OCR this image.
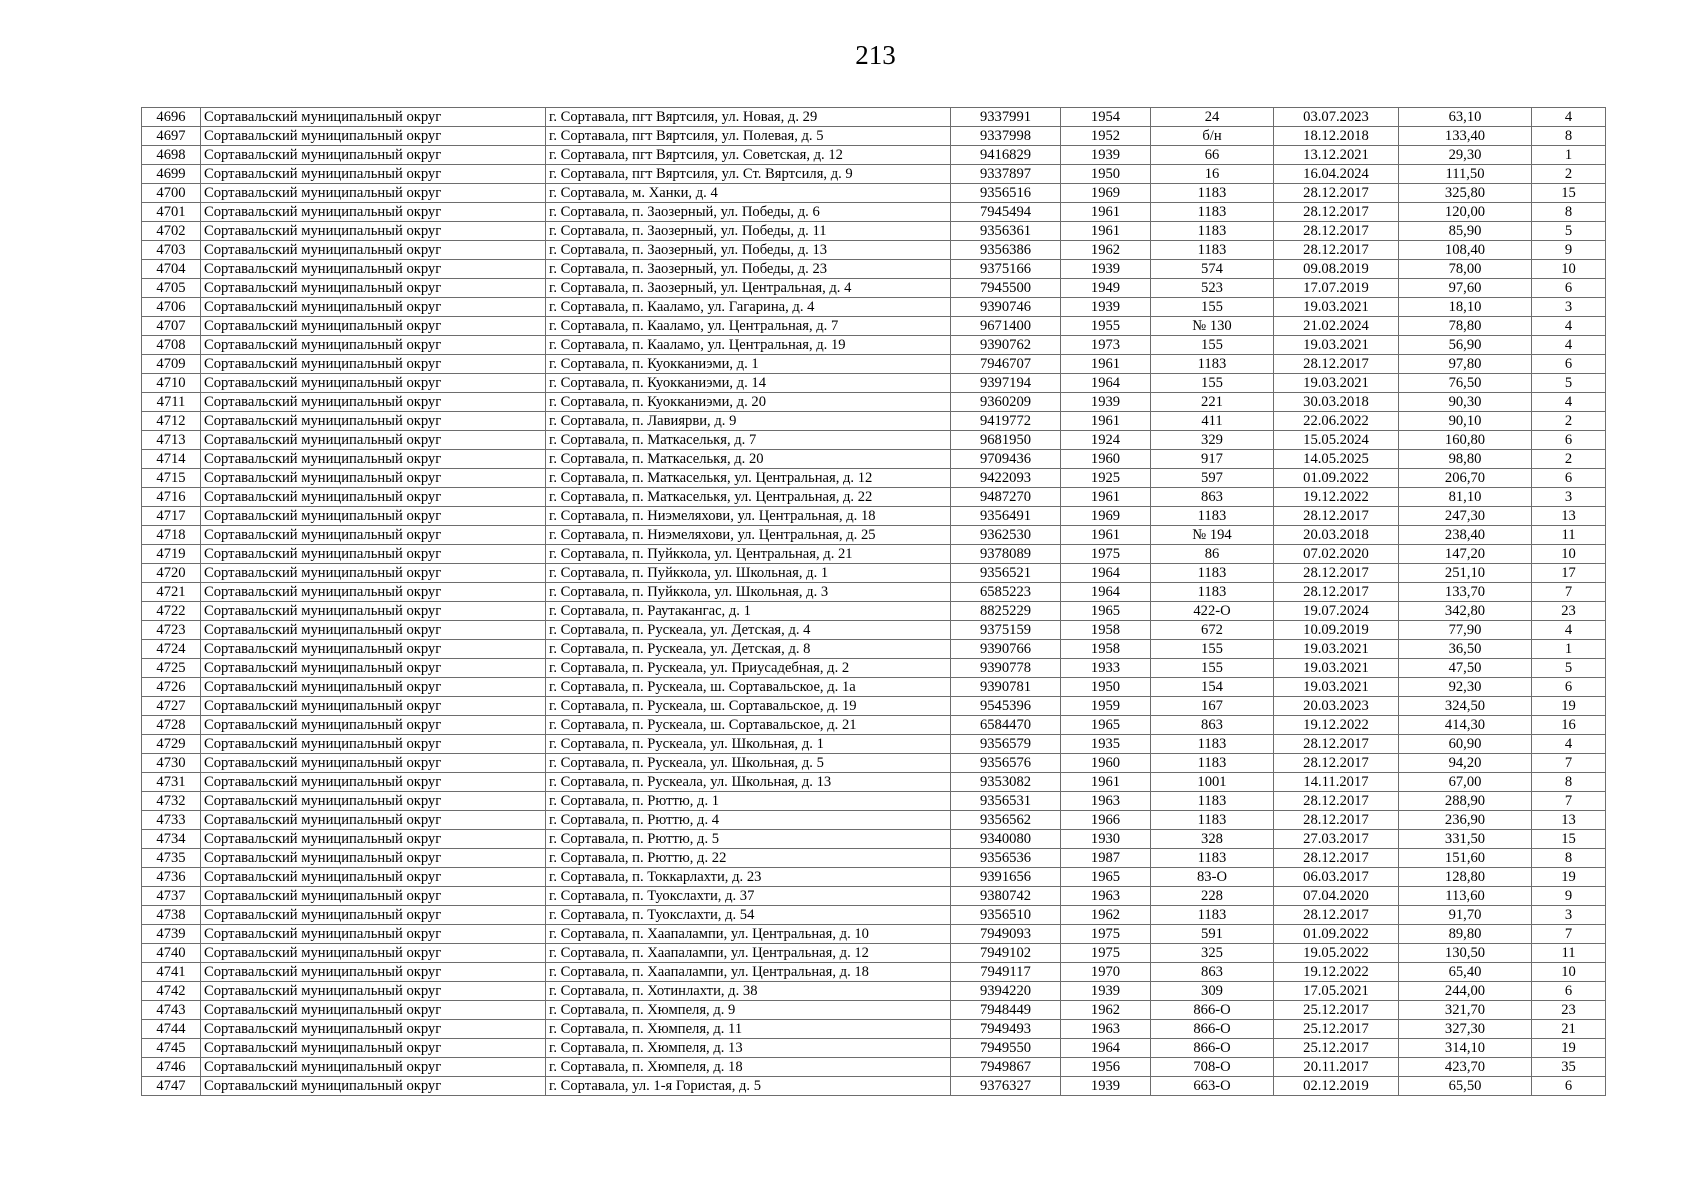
213
4696	Сортавальский муниципальный округ	г. Сортавала, пгт Вяртсиля, ул. Новая, д. 29	9337991	1954	24	03.07.2023	63,10	4
4697	Сортавальский муниципальный округ	г. Сортавала, пгт Вяртсиля, ул. Полевая, д. 5	9337998	1952	б/н	18.12.2018	133,40	8
4698	Сортавальский муниципальный округ	г. Сортавала, пгт Вяртсиля, ул. Советская, д. 12	9416829	1939	66	13.12.2021	29,30	1
4699	Сортавальский муниципальный округ	г. Сортавала, пгт Вяртсиля, ул. Ст. Вяртсиля, д. 9	9337897	1950	16	16.04.2024	111,50	2
4700	Сортавальский муниципальный округ	г. Сортавала, м. Ханки, д. 4	9356516	1969	1183	28.12.2017	325,80	15
4701	Сортавальский муниципальный округ	г. Сортавала, п. Заозерный, ул. Победы, д. 6	7945494	1961	1183	28.12.2017	120,00	8
4702	Сортавальский муниципальный округ	г. Сортавала, п. Заозерный, ул. Победы, д. 11	9356361	1961	1183	28.12.2017	85,90	5
4703	Сортавальский муниципальный округ	г. Сортавала, п. Заозерный, ул. Победы, д. 13	9356386	1962	1183	28.12.2017	108,40	9
4704	Сортавальский муниципальный округ	г. Сортавала, п. Заозерный, ул. Победы, д. 23	9375166	1939	574	09.08.2019	78,00	10
4705	Сортавальский муниципальный округ	г. Сортавала, п. Заозерный, ул. Центральная, д. 4	7945500	1949	523	17.07.2019	97,60	6
4706	Сортавальский муниципальный округ	г. Сортавала, п. Кааламо, ул. Гагарина, д. 4	9390746	1939	155	19.03.2021	18,10	3
4707	Сортавальский муниципальный округ	г. Сортавала, п. Кааламо, ул. Центральная, д. 7	9671400	1955	№ 130	21.02.2024	78,80	4
4708	Сортавальский муниципальный округ	г. Сортавала, п. Кааламо, ул. Центральная, д. 19	9390762	1973	155	19.03.2021	56,90	4
4709	Сортавальский муниципальный округ	г. Сортавала, п. Куокканиэми, д. 1	7946707	1961	1183	28.12.2017	97,80	6
4710	Сортавальский муниципальный округ	г. Сортавала, п. Куокканиэми, д. 14	9397194	1964	155	19.03.2021	76,50	5
4711	Сортавальский муниципальный округ	г. Сортавала, п. Куокканиэми, д. 20	9360209	1939	221	30.03.2018	90,30	4
4712	Сортавальский муниципальный округ	г. Сортавала, п. Лавиярви, д. 9	9419772	1961	411	22.06.2022	90,10	2
4713	Сортавальский муниципальный округ	г. Сортавала, п. Маткаселькя, д. 7	9681950	1924	329	15.05.2024	160,80	6
4714	Сортавальский муниципальный округ	г. Сортавала, п. Маткаселькя, д. 20	9709436	1960	917	14.05.2025	98,80	2
4715	Сортавальский муниципальный округ	г. Сортавала, п. Маткаселькя, ул. Центральная, д. 12	9422093	1925	597	01.09.2022	206,70	6
4716	Сортавальский муниципальный округ	г. Сортавала, п. Маткаселькя, ул. Центральная, д. 22	9487270	1961	863	19.12.2022	81,10	3
4717	Сортавальский муниципальный округ	г. Сортавала, п. Ниэмеляхови, ул. Центральная, д. 18	9356491	1969	1183	28.12.2017	247,30	13
4718	Сортавальский муниципальный округ	г. Сортавала, п. Ниэмеляхови, ул. Центральная, д. 25	9362530	1961	№ 194	20.03.2018	238,40	11
4719	Сортавальский муниципальный округ	г. Сортавала, п. Пуйккола, ул. Центральная, д. 21	9378089	1975	86	07.02.2020	147,20	10
4720	Сортавальский муниципальный округ	г. Сортавала, п. Пуйккола, ул. Школьная, д. 1	9356521	1964	1183	28.12.2017	251,10	17
4721	Сортавальский муниципальный округ	г. Сортавала, п. Пуйккола, ул. Школьная, д. 3	6585223	1964	1183	28.12.2017	133,70	7
4722	Сортавальский муниципальный округ	г. Сортавала, п. Раутакангас, д. 1	8825229	1965	422-О	19.07.2024	342,80	23
4723	Сортавальский муниципальный округ	г. Сортавала, п. Рускеала, ул. Детская, д. 4	9375159	1958	672	10.09.2019	77,90	4
4724	Сортавальский муниципальный округ	г. Сортавала, п. Рускеала, ул. Детская, д. 8	9390766	1958	155	19.03.2021	36,50	1
4725	Сортавальский муниципальный округ	г. Сортавала, п. Рускеала, ул. Приусадебная, д. 2	9390778	1933	155	19.03.2021	47,50	5
4726	Сортавальский муниципальный округ	г. Сортавала, п. Рускеала, ш. Сортавальское, д. 1а	9390781	1950	154	19.03.2021	92,30	6
4727	Сортавальский муниципальный округ	г. Сортавала, п. Рускеала, ш. Сортавальское, д. 19	9545396	1959	167	20.03.2023	324,50	19
4728	Сортавальский муниципальный округ	г. Сортавала, п. Рускеала, ш. Сортавальское, д. 21	6584470	1965	863	19.12.2022	414,30	16
4729	Сортавальский муниципальный округ	г. Сортавала, п. Рускеала, ул. Школьная, д. 1	9356579	1935	1183	28.12.2017	60,90	4
4730	Сортавальский муниципальный округ	г. Сортавала, п. Рускеала, ул. Школьная, д. 5	9356576	1960	1183	28.12.2017	94,20	7
4731	Сортавальский муниципальный округ	г. Сортавала, п. Рускеала, ул. Школьная, д. 13	9353082	1961	1001	14.11.2017	67,00	8
4732	Сортавальский муниципальный округ	г. Сортавала, п. Рюттю, д. 1	9356531	1963	1183	28.12.2017	288,90	7
4733	Сортавальский муниципальный округ	г. Сортавала, п. Рюттю, д. 4	9356562	1966	1183	28.12.2017	236,90	13
4734	Сортавальский муниципальный округ	г. Сортавала, п. Рюттю, д. 5	9340080	1930	328	27.03.2017	331,50	15
4735	Сортавальский муниципальный округ	г. Сортавала, п. Рюттю, д. 22	9356536	1987	1183	28.12.2017	151,60	8
4736	Сортавальский муниципальный округ	г. Сортавала, п. Токкарлахти, д. 23	9391656	1965	83-О	06.03.2017	128,80	19
4737	Сортавальский муниципальный округ	г. Сортавала, п. Туокслахти, д. 37	9380742	1963	228	07.04.2020	113,60	9
4738	Сортавальский муниципальный округ	г. Сортавала, п. Туокслахти, д. 54	9356510	1962	1183	28.12.2017	91,70	3
4739	Сортавальский муниципальный округ	г. Сортавала, п. Хаапалампи, ул. Центральная, д. 10	7949093	1975	591	01.09.2022	89,80	7
4740	Сортавальский муниципальный округ	г. Сортавала, п. Хаапалампи, ул. Центральная, д. 12	7949102	1975	325	19.05.2022	130,50	11
4741	Сортавальский муниципальный округ	г. Сортавала, п. Хаапалампи, ул. Центральная, д. 18	7949117	1970	863	19.12.2022	65,40	10
4742	Сортавальский муниципальный округ	г. Сортавала, п. Хотинлахти, д. 38	9394220	1939	309	17.05.2021	244,00	6
4743	Сортавальский муниципальный округ	г. Сортавала, п. Хюмпеля, д. 9	7948449	1962	866-О	25.12.2017	321,70	23
4744	Сортавальский муниципальный округ	г. Сортавала, п. Хюмпеля, д. 11	7949493	1963	866-О	25.12.2017	327,30	21
4745	Сортавальский муниципальный округ	г. Сортавала, п. Хюмпеля, д. 13	7949550	1964	866-О	25.12.2017	314,10	19
4746	Сортавальский муниципальный округ	г. Сортавала, п. Хюмпеля, д. 18	7949867	1956	708-О	20.11.2017	423,70	35
4747	Сортавальский муниципальный округ	г. Сортавала, ул. 1-я Гористая, д. 5	9376327	1939	663-О	02.12.2019	65,50	6
